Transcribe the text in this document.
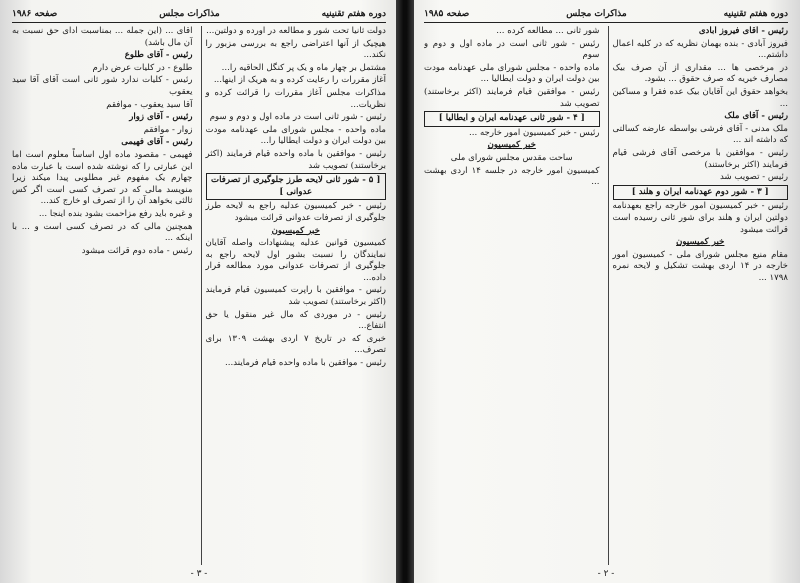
دوره هفتم تقنينيه
مذاكرات مجلس
صفحه ۱۹۸۶

دولت ثانیاً تحت شور و مطالعه در آورده و دولتین...

هیچیک از آنها اعتراضی راجع به بررسی مزبور را نکند...

مشتمل بر چهار ماه و یک پر کنگل الحاقیه را...

آغاز مقررات را رعایت کرده و به هریک از اینها...

مذاکرات مجلس آغاز مقررات را قرائت کرده و نظریات...

رئیس - شور ثانی است در ماده اول و دوم و سوم

ماده واحده - مجلس شورای ملی عهدنامه مودت بین دولت ایران و دولت ایطالیا را...

رئیس - موافقین با ماده واحده قیام فرمایند (اکثر برخاستند) تصویب شد

[ ۵ - شور ثانی لایحه طرز جلوگیری از تصرفات عدوانی ]

رئیس - خبر کمیسیون عدلیه راجع به لایحه طرز جلوگیری از تصرفات عدوانی قرائت میشود

خبر کمیسیون

کمیسیون قوانین عدلیه پیشنهادات واصله آقایان نمایندگان را نسبت بشور اول لایحه راجع به جلوگیری از تصرفات عدوانی مورد مطالعه قرار داده...

رئیس - موافقین با راپرت کمیسیون قیام فرمایند (اکثر برخاستند) تصویب شد

رئیس - در موردی که مال غیر منقول یا حق انتفاع...

خبری که در تاریخ ۷ اردی بهشت ۱۳۰۹ برای تصرف...

رئیس - موافقین با ماده واحده قیام فرمایند...

آقای ... (این جمله ... بمناسبت ادای حق نسبت به آن مال باشد)

رئیس - آقای طلوع

طلوع - در کلیات عرض دارم

رئیس - کلیات ندارد شور ثانی است آقای آقا سید یعقوب

آقا سید یعقوب - موافقم

رئیس - آقای زوار

زوار - موافقم

رئیس - آقای فهیمی

فهیمی - مقصود ماده اول اساساً معلوم است اما این عبارتی را که نوشته شده است با عبارت ماده چهارم یک مفهوم غیر مطلوبی پیدا میکند زیرا منویسد مالی که در تصرف کسی است اگر کس ثالثی بخواهد آن را از تصرف او خارج کند...

و غیره باید رفع مزاحمت بشود بنده اینجا ...

همچنین مالی که در تصرف کسی است و ... با اینکه ...

رئیس - ماده دوم قرائت میشود

- ۳ -
دوره هفتم تقنينيه
مذاكرات مجلس
صفحه ۱۹۸۵

رئیس - آقای فیروز آبادی

فیروز آبادی - بنده بهمان نظریه که در کلیه اعمال داشتم...

در مرخصی ها ... مقداری از آن صرف بیک مصارف خیریه که صرف حقوق ... بشود.

بخواهد حقوق این آقایان بیک عده فقرا و مساکین ...

رئیس - آقای ملک

ملک مدنی - آقای فرشی بواسطه عارضه کسالتی که داشته اند ...

رئیس - موافقین با مرخصی آقای فرشی قیام فرمایند (اکثر برخاستند)

رئیس - تصویب شد

[ ۳ - شور دوم عهدنامه ایران و هلند ]

رئیس - خبر کمیسیون امور خارجه راجع بعهدنامه دولتین ایران و هلند برای شور ثانی رسیده است قرائت میشود

خبر کمیسیون

مقام منیع مجلس شورای ملی - کمیسیون امور خارجه در ۱۴ اردی بهشت تشکیل و لایحه نمره ۱۷۹۸ ...

شور ثانی ... مطالعه کرده ...

رئیس - شور ثانی است در ماده اول و دوم و سوم

ماده واحده - مجلس شورای ملی عهدنامه مودت بین دولت ایران و دولت ایطالیا ...

رئیس - موافقین قیام فرمایند (اکثر برخاستند) تصویب شد

[ ۴ - شور ثانی عهدنامه ایران و ایطالیا ]

رئیس - خبر کمیسیون امور خارجه ...

خبر کمیسیون

ساحت مقدس مجلس شورای ملی

کمیسیون امور خارجه در جلسه ۱۴ اردی بهشت ...

- ۲ -
